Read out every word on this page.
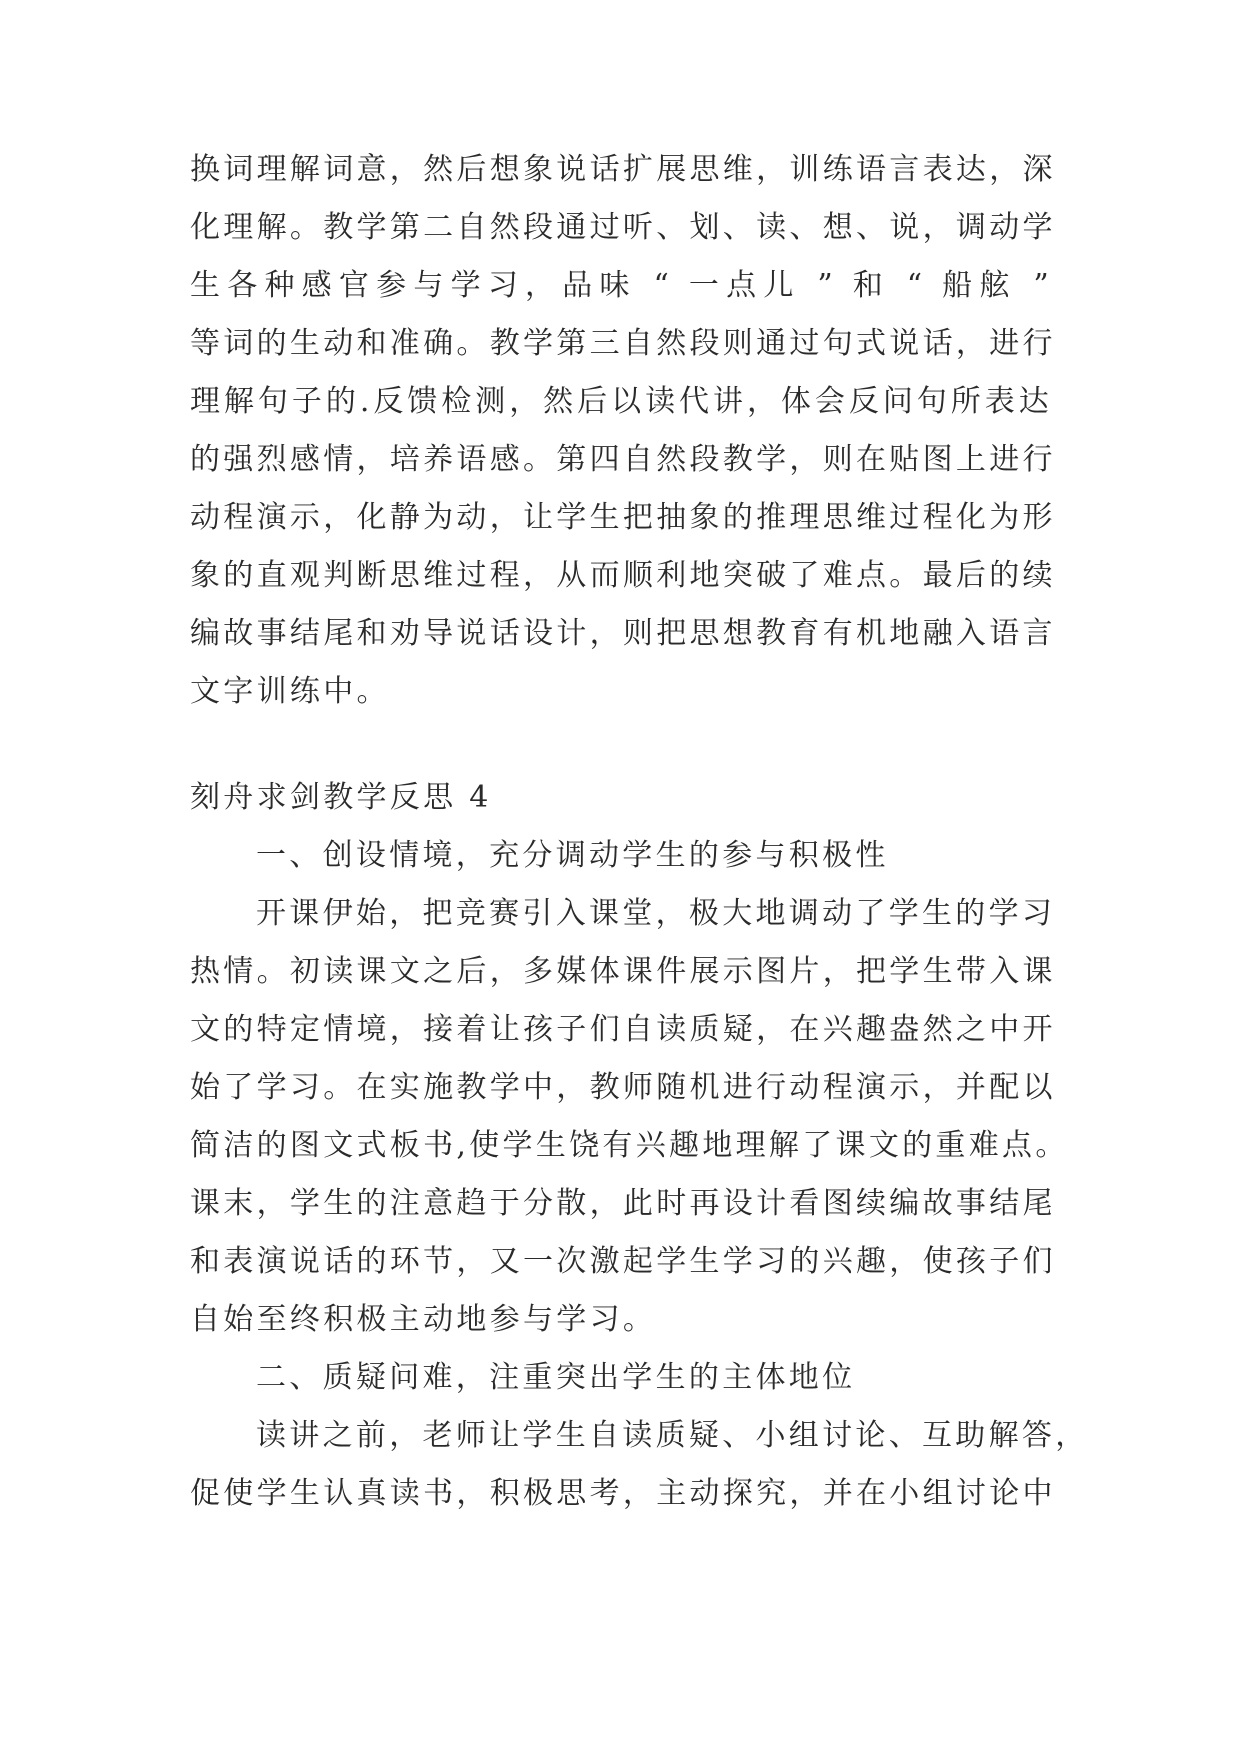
换词理解词意，然后想象说话扩展思维，训练语言表达，深
化理解。教学第二自然段通过听、划、读、想、说，调动学
生各种感官参与学习，品味 “ 一点儿 ” 和 “ 船舷 ”
等词的生动和准确。教学第三自然段则通过句式说话，进行
理解句子的.反馈检测，然后以读代讲，体会反问句所表达
的强烈感情，培养语感。第四自然段教学，则在贴图上进行
动程演示，化静为动，让学生把抽象的推理思维过程化为形
象的直观判断思维过程，从而顺利地突破了难点。最后的续
编故事结尾和劝导说话设计，则把思想教育有机地融入语言
文字训练中。
刻舟求剑教学反思 4
一、创设情境，充分调动学生的参与积极性
开课伊始，把竞赛引入课堂，极大地调动了学生的学习
热情。初读课文之后，多媒体课件展示图片，把学生带入课
文的特定情境，接着让孩子们自读质疑，在兴趣盎然之中开
始了学习。在实施教学中，教师随机进行动程演示，并配以
简洁的图文式板书,使学生饶有兴趣地理解了课文的重难点。
课末，学生的注意趋于分散，此时再设计看图续编故事结尾
和表演说话的环节，又一次激起学生学习的兴趣，使孩子们
自始至终积极主动地参与学习。
二、质疑问难，注重突出学生的主体地位
读讲之前，老师让学生自读质疑、小组讨论、互助解答，
促使学生认真读书，积极思考，主动探究，并在小组讨论中
